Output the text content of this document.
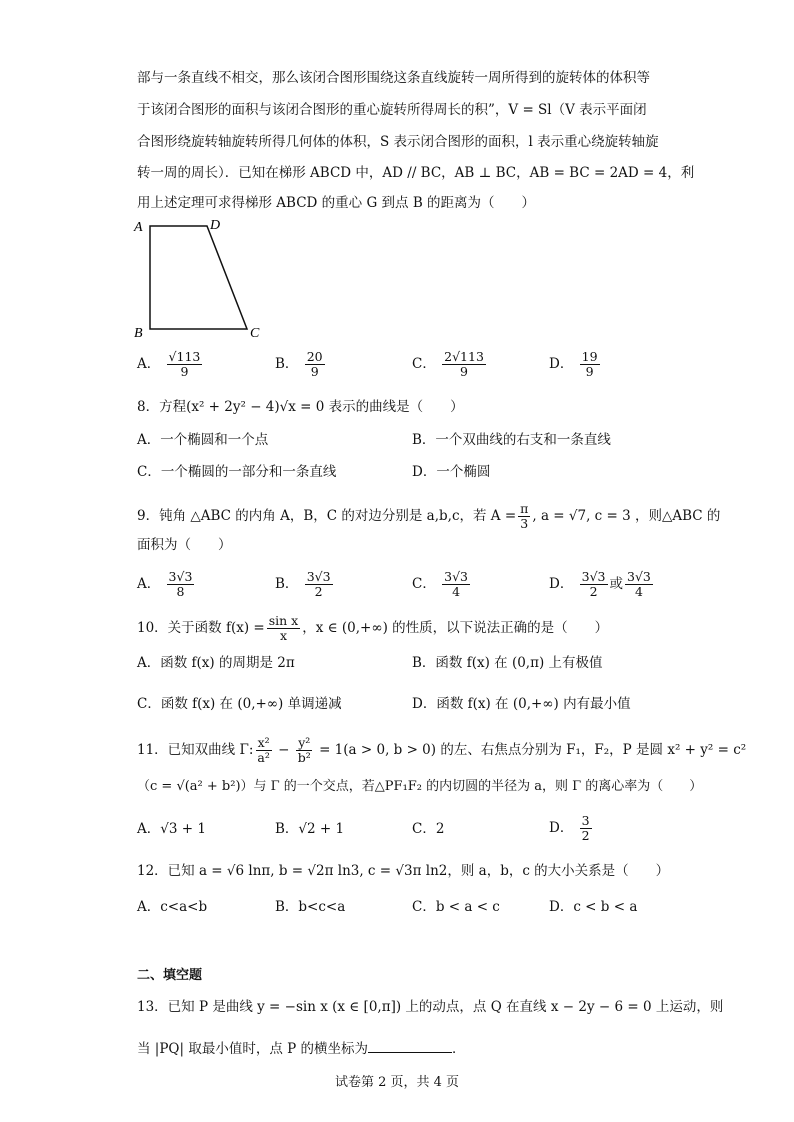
部与一条直线不相交，那么该闭合图形围绕这条直线旋转一周所得到的旋转体的体积等
于该闭合图形的面积与该闭合图形的重心旋转所得周长的积”，V = Sl（V 表示平面闭
合图形绕旋转轴旋转所得几何体的体积，S 表示闭合图形的面积，l 表示重心绕旋转轴旋
转一周的周长）．已知在梯形 ABCD 中，AD // BC，AB ⊥ BC，AB = BC = 2AD = 4，利
用上述定理可求得梯形 ABCD 的重心 G 到点 B 的距离为（　　）
A	D
B	C
A． $\frac{√113}{9}$	B． $\frac{20}{9}$	C． $\frac{2√113}{9}$	D． $\frac{19}{9}$
8．方程(x² + 2y² − 4)√x = 0 表示的曲线是（　　）
A．一个椭圆和一个点	B．一个双曲线的右支和一条直线
C．一个椭圆的一部分和一条直线	D．一个椭圆
9．钝角 △ABC 的内角 A，B，C 的对边分别是 a,b,c，若 $A = \frac{\pi}{3}$ , a = √7, c = 3 ，则△ABC 的
面积为（　　）
A． $\frac{3√3}{8}$	B． $\frac{3√3}{2}$	C． $\frac{3√3}{4}$	D． $\frac{3√3}{2}$ 或 $\frac{3√3}{4}$
10．关于函数 $f(x) = \frac{\text{sin x}}{x}$ ，x ∈ (0,+∞) 的性质，以下说法正确的是（　　）
A．函数 f(x) 的周期是 2π	B．函数 f(x) 在 (0,π) 上有极值
C．函数 f(x) 在 (0,+∞) 单调递减	D．函数 f(x) 在 (0,+∞) 内有最小值
11．已知双曲线 Γ: $\frac{\text{x²}}{\text{a²}} - \frac{\text{y²}}{\text{b²}} = 1(a > 0$, b > 0) 的左、右焦点分别为 F₁，F₂，P 是圆 x² + y² = c²
（c = √(a² + b²)）与 Γ 的一个交点，若△PF₁F₂ 的内切圆的半径为 a，则 Γ 的离心率为（　　）
A．√3 + 1	B．√2 + 1	C．2	D． $\frac{3}{2}$
12．已知 a = √6 lnπ, b = √2π ln3, c = √3π ln2，则 a，b，c 的大小关系是（　　）
A．c<a<b	B．b<c<a	C．b < a < c	D．c < b < a
二、填空题
13．已知 P 是曲线 y = −sin x (x ∈ [0,π]) 上的动点，点 Q 在直线 x − 2y − 6 = 0 上运动，则
当 |PQ| 取最小值时，点 P 的横坐标为	．
试卷第 2 页，共 4 页
